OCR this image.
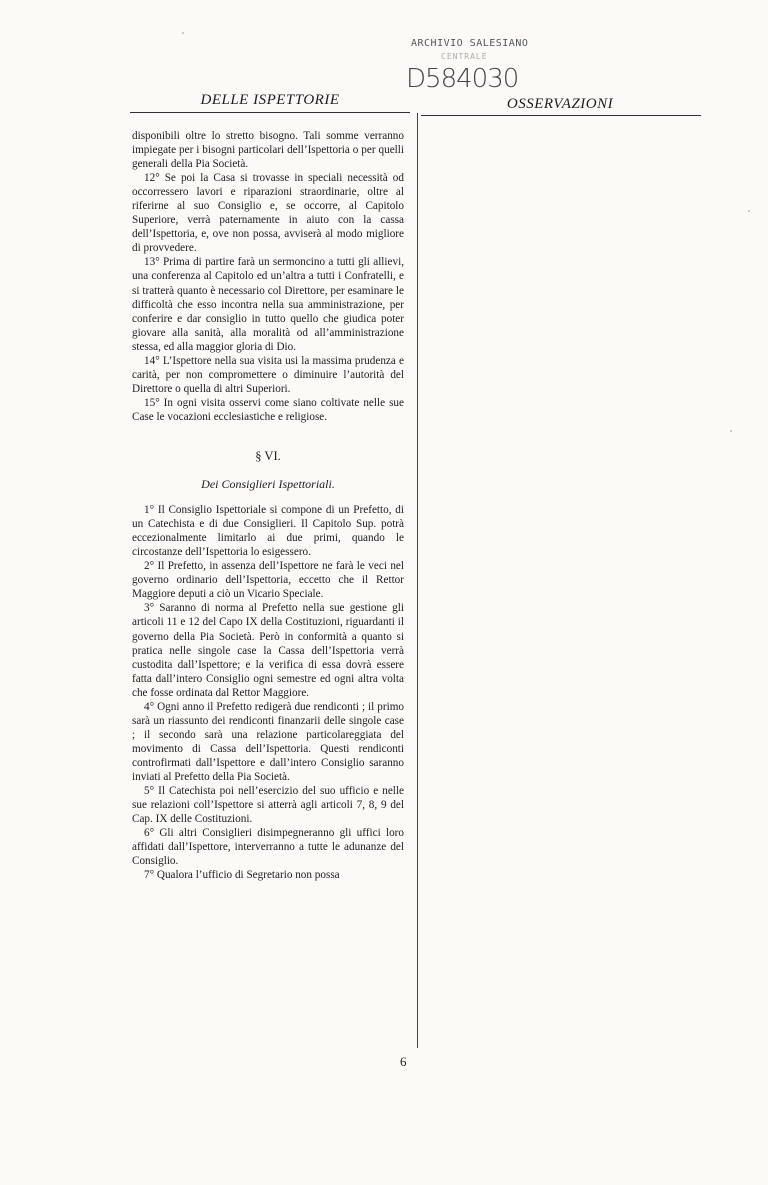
ARCHIVIO SALESIANO
CENTRALE
D584030
DELLE ISPETTORIE	OSSERVAZIONI

disponibili oltre lo stretto bisogno. Tali somme verranno impiegate per i bisogni particolari dell’Ispettoria o per quelli generali della Pia Società.

12° Se poi la Casa si trovasse in speciali necessità od occorressero lavori e riparazioni straordinarie, oltre al riferirne al suo Consiglio e, se occorre, al Capitolo Superiore, verrà paternamente in aiuto con la cassa dell’Ispettoria, e, ove non possa, avviserà al modo migliore di provvedere.

13° Prima di partire farà un sermoncino a tutti gli allievi, una conferenza al Capitolo ed un’altra a tutti i Confratelli, e si tratterà quanto è necessario col Direttore, per esaminare le difficoltà che esso incontra nella sua amministrazione, per conferire e dar consiglio in tutto quello che giudica poter giovare alla sanità, alla moralità od all’amministrazione stessa, ed alla maggior gloria di Dio.

14° L’Ispettore nella sua visita usi la massima prudenza e carità, per non compromettere o diminuire l’autorità del Direttore o quella di altri Superiori.

15° In ogni visita osservi come siano coltivate nelle sue Case le vocazioni ecclesiastiche e religiose.

§ VI.

Dei Consiglieri Ispettoriali.

1° Il Consiglio Ispettoriale si compone di un Prefetto, di un Catechista e di due Consiglieri. Il Capitolo Sup. potrà eccezionalmente limitarlo ai due primi, quando le circostanze dell’Ispettoria lo esigessero.

2° Il Prefetto, in assenza dell’Ispettore ne farà le veci nel governo ordinario dell’Ispettoria, eccetto che il Rettor Maggiore deputi a ciò un Vicario Speciale.

3° Saranno di norma al Prefetto nella sue gestione gli articoli 11 e 12 del Capo IX della Costituzioni, riguardanti il governo della Pia Società. Però in conformità a quanto si pratica nelle singole case la Cassa dell’Ispettoria verrà custodita dall’Ispettore; e la verifica di essa dovrà essere fatta dall’intero Consiglio ogni semestre ed ogni altra volta che fosse ordinata dal Rettor Maggiore.

4° Ogni anno il Prefetto redigerà due rendiconti ; il primo sarà un riassunto dei rendiconti finanzarii delle singole case ; il secondo sarà una relazione particolareggiata del movimento di Cassa dell’Ispettoria. Questi rendiconti controfirmati dall’Ispettore e dall’intero Consiglio saranno inviati al Prefetto della Pia Società.

5° Il Catechista poi nell’esercizio del suo ufficio e nelle sue relazioni coll’Ispettore si atterrà agli articoli 7, 8, 9 del Cap. IX delle Costituzioni.

6° Gli altri Consiglieri disimpegneranno gli uffici loro affidati dall’Ispettore, interverranno a tutte le adunanze del Consiglio.

7° Qualora l’ufficio di Segretario non possa

6
